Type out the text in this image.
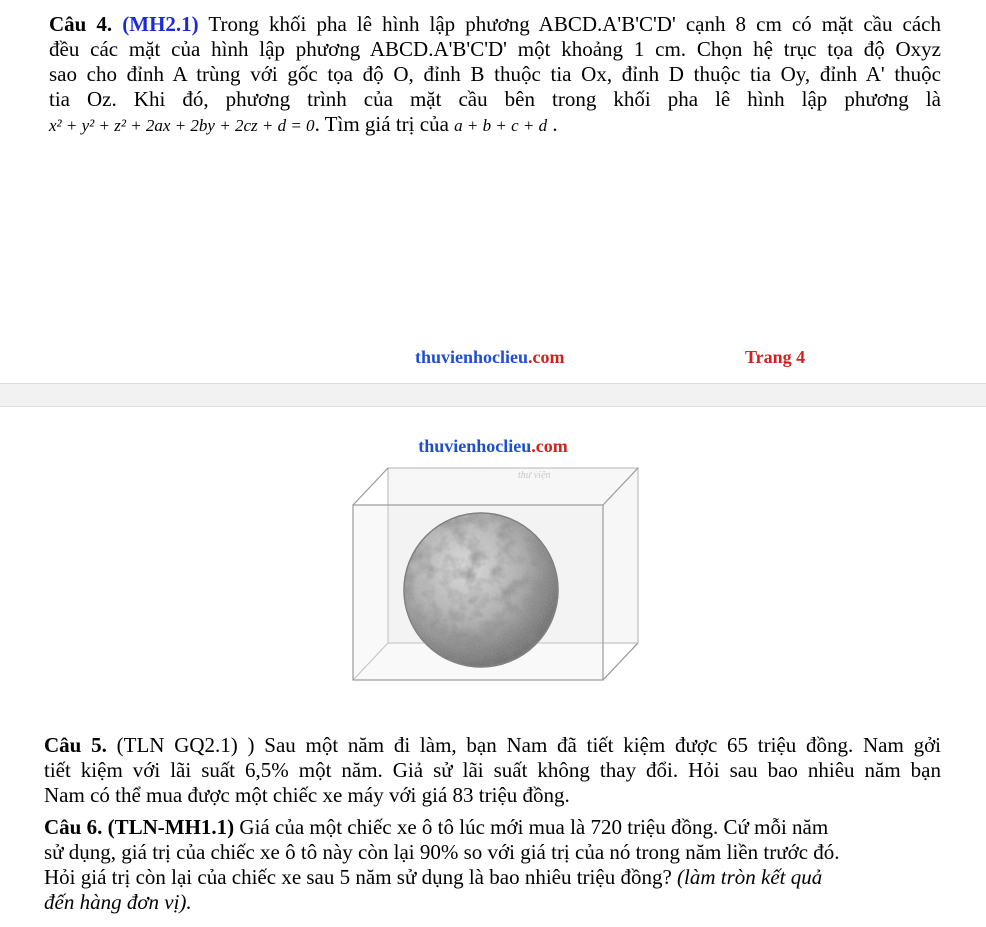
Câu 4. (MH2.1) Trong khối pha lê hình lập phương ABCD.A'B'C'D' cạnh 8 cm có mặt cầu cách
đều các mặt của hình lập phương ABCD.A'B'C'D' một khoảng 1 cm. Chọn hệ trục tọa độ Oxyz
sao cho đỉnh A trùng với gốc tọa độ O, đỉnh B thuộc tia Ox, đỉnh D thuộc tia Oy, đỉnh A' thuộc
tia Oz. Khi đó, phương trình của mặt cầu bên trong khối pha lê hình lập phương là
x² + y² + z² + 2ax + 2by + 2cz + d = 0. Tìm giá trị của a + b + c + d .
thuvienhoclieu.com	Trang 4
thuvienhoclieu.com
thư viện
Câu 5. (TLN GQ2.1) ) Sau một năm đi làm, bạn Nam đã tiết kiệm được 65 triệu đồng. Nam gởi
tiết kiệm với lãi suất 6,5% một năm. Giả sử lãi suất không thay đổi. Hỏi sau bao nhiêu năm bạn
Nam có thể mua được một chiếc xe máy với giá 83 triệu đồng.
Câu 6. (TLN-MH1.1) Giá của một chiếc xe ô tô lúc mới mua là 720 triệu đồng. Cứ mỗi năm
sử dụng, giá trị của chiếc xe ô tô này còn lại 90% so với giá trị của nó trong năm liền trước đó.
Hỏi giá trị còn lại của chiếc xe sau 5 năm sử dụng là bao nhiêu triệu đồng? (làm tròn kết quả
đến hàng đơn vị).
